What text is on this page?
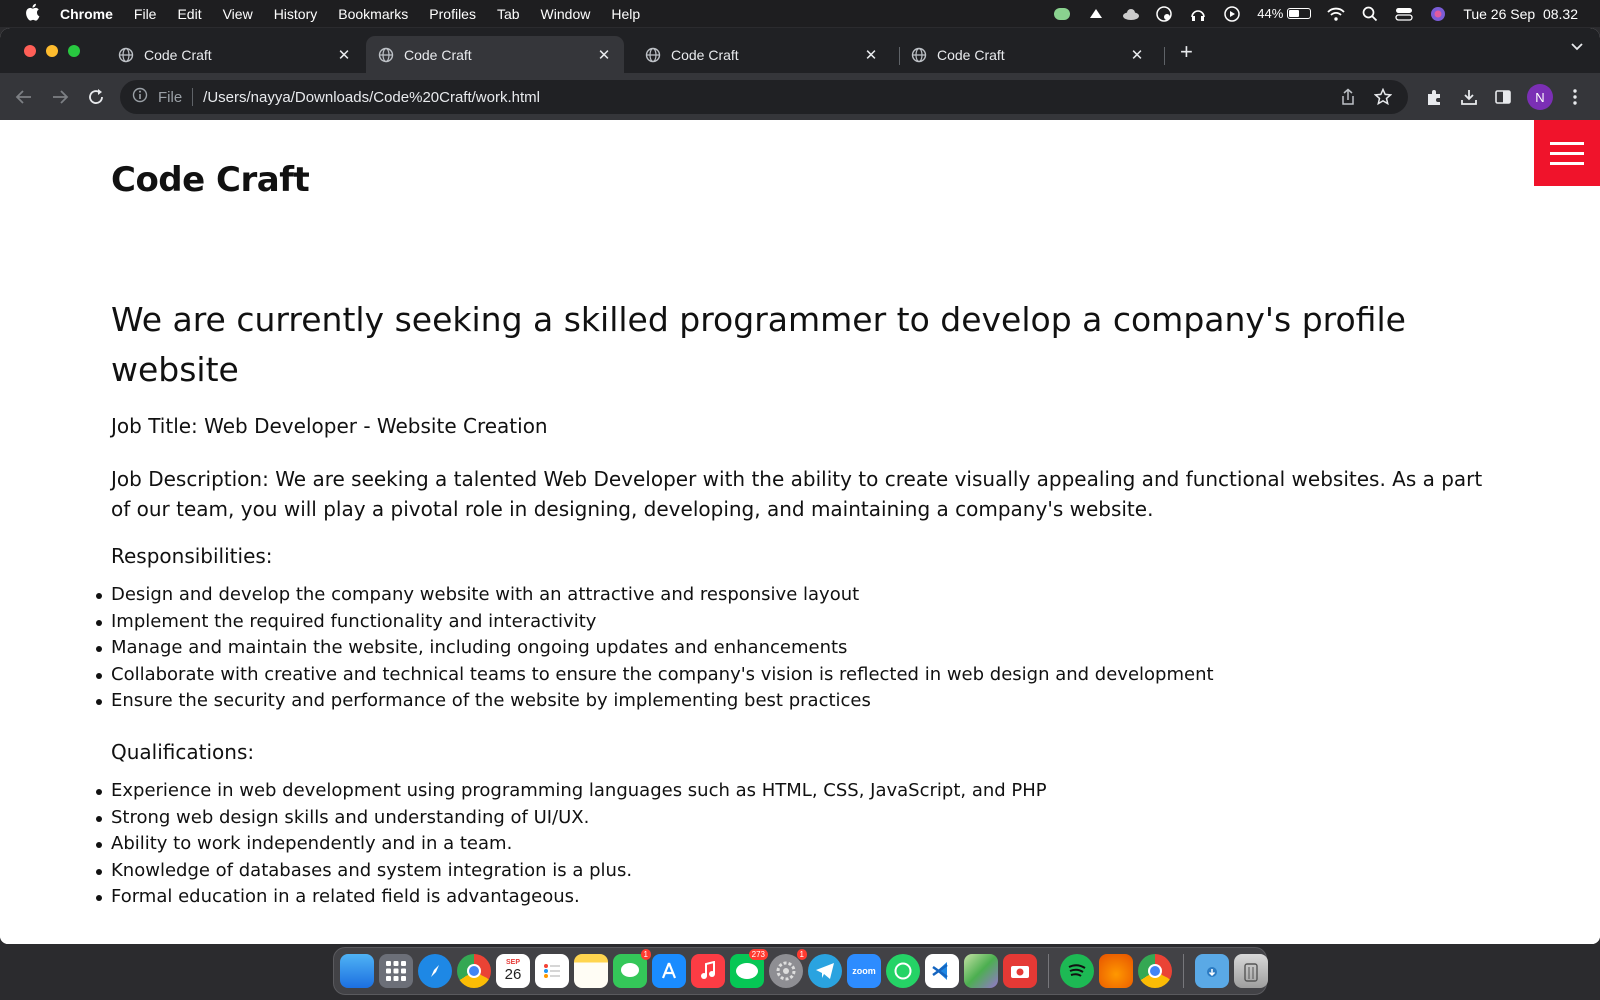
Chrome File Edit View History Bookmarks Profiles Tab Window Help	44%	Tue 26 Sep  08.32
Code Craft	✕	Code Craft	✕	Code Craft	✕	Code Craft	✕ +
File /Users/nayya/Downloads/Code%20Craft/work.html	N
Code Craft
We are currently seeking a skilled programmer to develop a company's profile website

Job Title: Web Developer - Website Creation

Job Description: We are seeking a talented Web Developer with the ability to create visually appealing and functional websites. As a part of our team, you will play a pivotal role in designing, developing, and maintaining a company's website.

Responsibilities:

Design and develop the company website with an attractive and responsive layout
Implement the required functionality and interactivity
Manage and maintain the website, including ongoing updates and enhancements
Collaborate with creative and technical teams to ensure the company's vision is reflected in web design and development
Ensure the security and performance of the website by implementing best practices

Qualifications:

Experience in web development using programming languages such as HTML, CSS, JavaScript, and PHP
Strong web design skills and understanding of UI/UX.
Ability to work independently and in a team.
Knowledge of databases and system integration is a plus.
Formal education in a related field is advantageous.
SEP
26
1	273	1
zoom
